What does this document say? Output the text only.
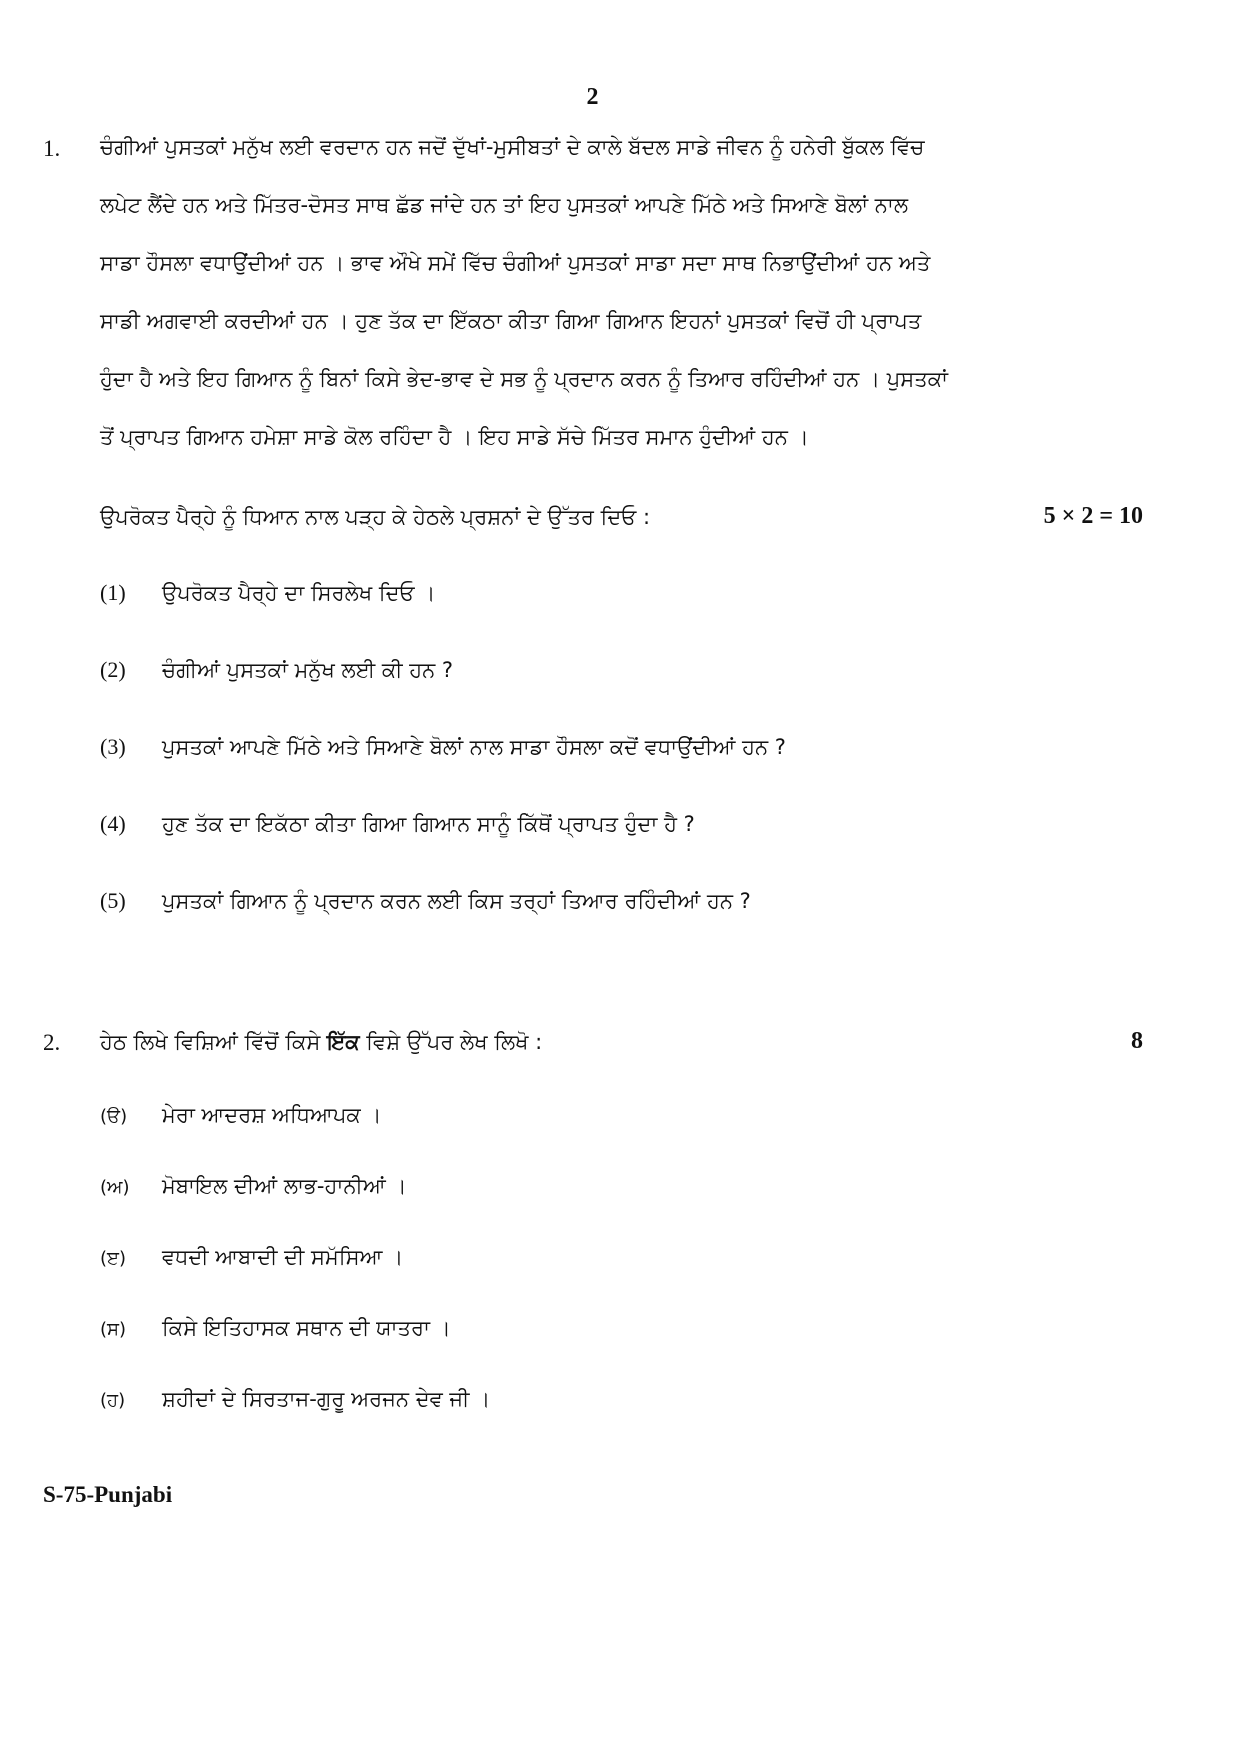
2
1. ਚੰਗੀਆਂ ਪੁਸਤਕਾਂ ਮਨੁੱਖ ਲਈ ਵਰਦਾਨ ਹਨ ਜਦੋਂ ਦੁੱਖਾਂ-ਮੁਸੀਬਤਾਂ ਦੇ ਕਾਲੇ ਬੱਦਲ ਸਾਡੇ ਜੀਵਨ ਨੂੰ ਹਨੇਰੀ ਬੁੱਕਲ ਵਿੱਚ
ਲਪੇਟ ਲੈਂਦੇ ਹਨ ਅਤੇ ਮਿੱਤਰ-ਦੋਸਤ ਸਾਥ ਛੱਡ ਜਾਂਦੇ ਹਨ ਤਾਂ ਇਹ ਪੁਸਤਕਾਂ ਆਪਣੇ ਮਿੱਠੇ ਅਤੇ ਸਿਆਣੇ ਬੋਲਾਂ ਨਾਲ
ਸਾਡਾ ਹੌਸਲਾ ਵਧਾਉਂਦੀਆਂ ਹਨ । ਭਾਵ ਔਖੇ ਸਮੇਂ ਵਿੱਚ ਚੰਗੀਆਂ ਪੁਸਤਕਾਂ ਸਾਡਾ ਸਦਾ ਸਾਥ ਨਿਭਾਉਂਦੀਆਂ ਹਨ ਅਤੇ
ਸਾਡੀ ਅਗਵਾਈ ਕਰਦੀਆਂ ਹਨ । ਹੁਣ ਤੱਕ ਦਾ ਇੱਕਠਾ ਕੀਤਾ ਗਿਆ ਗਿਆਨ ਇਹਨਾਂ ਪੁਸਤਕਾਂ ਵਿਚੋਂ ਹੀ ਪ੍ਰਾਪਤ
ਹੁੰਦਾ ਹੈ ਅਤੇ ਇਹ ਗਿਆਨ ਨੂੰ ਬਿਨਾਂ ਕਿਸੇ ਭੇਦ-ਭਾਵ ਦੇ ਸਭ ਨੂੰ ਪ੍ਰਦਾਨ ਕਰਨ ਨੂੰ ਤਿਆਰ ਰਹਿੰਦੀਆਂ ਹਨ । ਪੁਸਤਕਾਂ
ਤੋਂ ਪ੍ਰਾਪਤ ਗਿਆਨ ਹਮੇਸ਼ਾ ਸਾਡੇ ਕੋਲ ਰਹਿੰਦਾ ਹੈ । ਇਹ ਸਾਡੇ ਸੱਚੇ ਮਿੱਤਰ ਸਮਾਨ ਹੁੰਦੀਆਂ ਹਨ ।
ਉਪਰੋਕਤ ਪੈਰ੍ਹੇ ਨੂੰ ਧਿਆਨ ਨਾਲ ਪੜ੍ਹ ਕੇ ਹੇਠਲੇ ਪ੍ਰਸ਼ਨਾਂ ਦੇ ਉੱਤਰ ਦਿਓ :	5 × 2 = 10
(1) ਉਪਰੋਕਤ ਪੈਰ੍ਹੇ ਦਾ ਸਿਰਲੇਖ ਦਿਓ ।
(2) ਚੰਗੀਆਂ ਪੁਸਤਕਾਂ ਮਨੁੱਖ ਲਈ ਕੀ ਹਨ ?
(3) ਪੁਸਤਕਾਂ ਆਪਣੇ ਮਿੱਠੇ ਅਤੇ ਸਿਆਣੇ ਬੋਲਾਂ ਨਾਲ ਸਾਡਾ ਹੌਸਲਾ ਕਦੋਂ ਵਧਾਉਂਦੀਆਂ ਹਨ ?
(4) ਹੁਣ ਤੱਕ ਦਾ ਇਕੱਠਾ ਕੀਤਾ ਗਿਆ ਗਿਆਨ ਸਾਨੂੰ ਕਿੱਥੋਂ ਪ੍ਰਾਪਤ ਹੁੰਦਾ ਹੈ ?
(5) ਪੁਸਤਕਾਂ ਗਿਆਨ ਨੂੰ ਪ੍ਰਦਾਨ ਕਰਨ ਲਈ ਕਿਸ ਤਰ੍ਹਾਂ ਤਿਆਰ ਰਹਿੰਦੀਆਂ ਹਨ ?
2. ਹੇਠ ਲਿਖੇ ਵਿਸ਼ਿਆਂ ਵਿੱਚੋਂ ਕਿਸੇ ਇੱਕ ਵਿਸ਼ੇ ਉੱਪਰ ਲੇਖ ਲਿਖੋ :	8
(ੳ) ਮੇਰਾ ਆਦਰਸ਼ ਅਧਿਆਪਕ ।
(ਅ) ਮੋਬਾਇਲ ਦੀਆਂ ਲਾਭ-ਹਾਨੀਆਂ ।
(ੲ) ਵਧਦੀ ਆਬਾਦੀ ਦੀ ਸਮੱਸਿਆ ।
(ਸ) ਕਿਸੇ ਇਤਿਹਾਸਕ ਸਥਾਨ ਦੀ ਯਾਤਰਾ ।
(ਹ) ਸ਼ਹੀਦਾਂ ਦੇ ਸਿਰਤਾਜ-ਗੁਰੂ ਅਰਜਨ ਦੇਵ ਜੀ ।
S-75-Punjabi
